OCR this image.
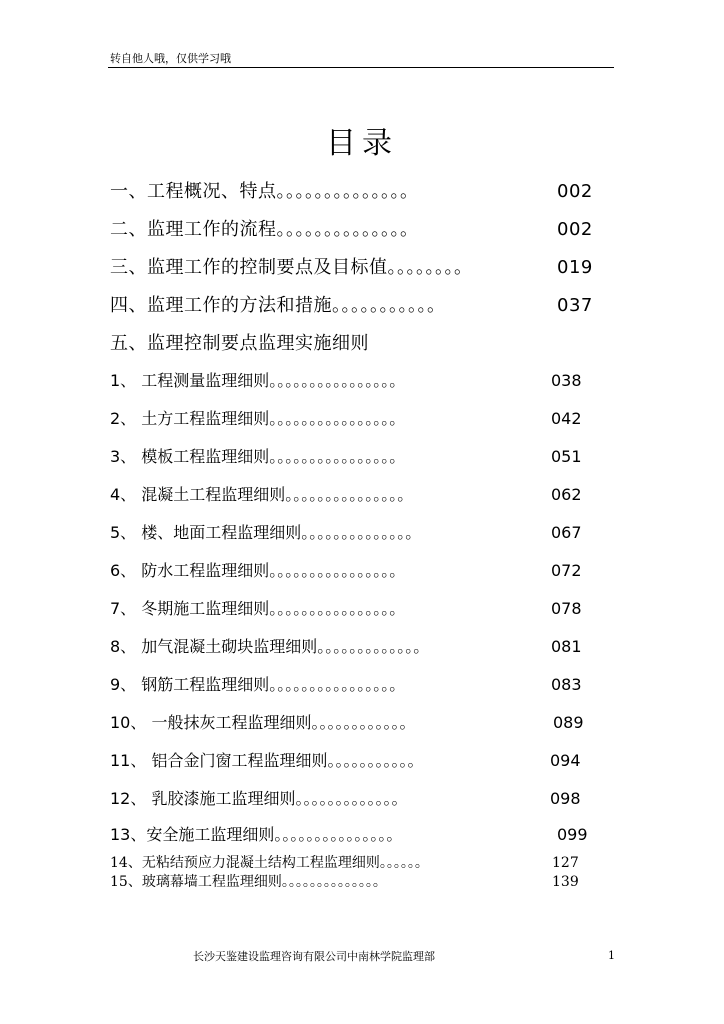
转自他人哦，仅供学习哦
目录
一、工程概况、特点。。。。。。。。。。。。。。	002
二、监理工作的流程。。。。。。。。。。。。。。	002
三、监理工作的控制要点及目标值。。。。。。。。	019
四、监理工作的方法和措施。。。。。。。。。。。	037
五、监理控制要点监理实施细则
1、 工程测量监理细则。。。。。。。。。。。。。。。。	038
2、 土方工程监理细则。。。。。。。。。。。。。。。。	042
3、 模板工程监理细则。。。。。。。。。。。。。。。。	051
4、 混凝土工程监理细则。。。。。。。。。。。。。。。	062
5、 楼、地面工程监理细则。。。。。。。。。。。。。。	067
6、 防水工程监理细则。。。。。。。。。。。。。。。。	072
7、 冬期施工监理细则。。。。。。。。。。。。。。。。	078
8、 加气混凝土砌块监理细则。。。。。。。。。。。。。	081
9、 钢筋工程监理细则。。。。。。。。。。。。。。。。	083
10、 一般抹灰工程监理细则。。。。。。。。。。。。	089
11、 铝合金门窗工程监理细则。。。。。。。。。。。	094
12、 乳胶漆施工监理细则。。。。。。。。。。。。。	098
13、安全施工监理细则。。。。。。。。。。。。。。。	099
14、无粘结预应力混凝土结构工程监理细则。。。。。。	127
15、玻璃幕墙工程监理细则。。。。。。。。。。。。。。	139
长沙天鉴建设监理咨询有限公司中南林学院监理部	1
